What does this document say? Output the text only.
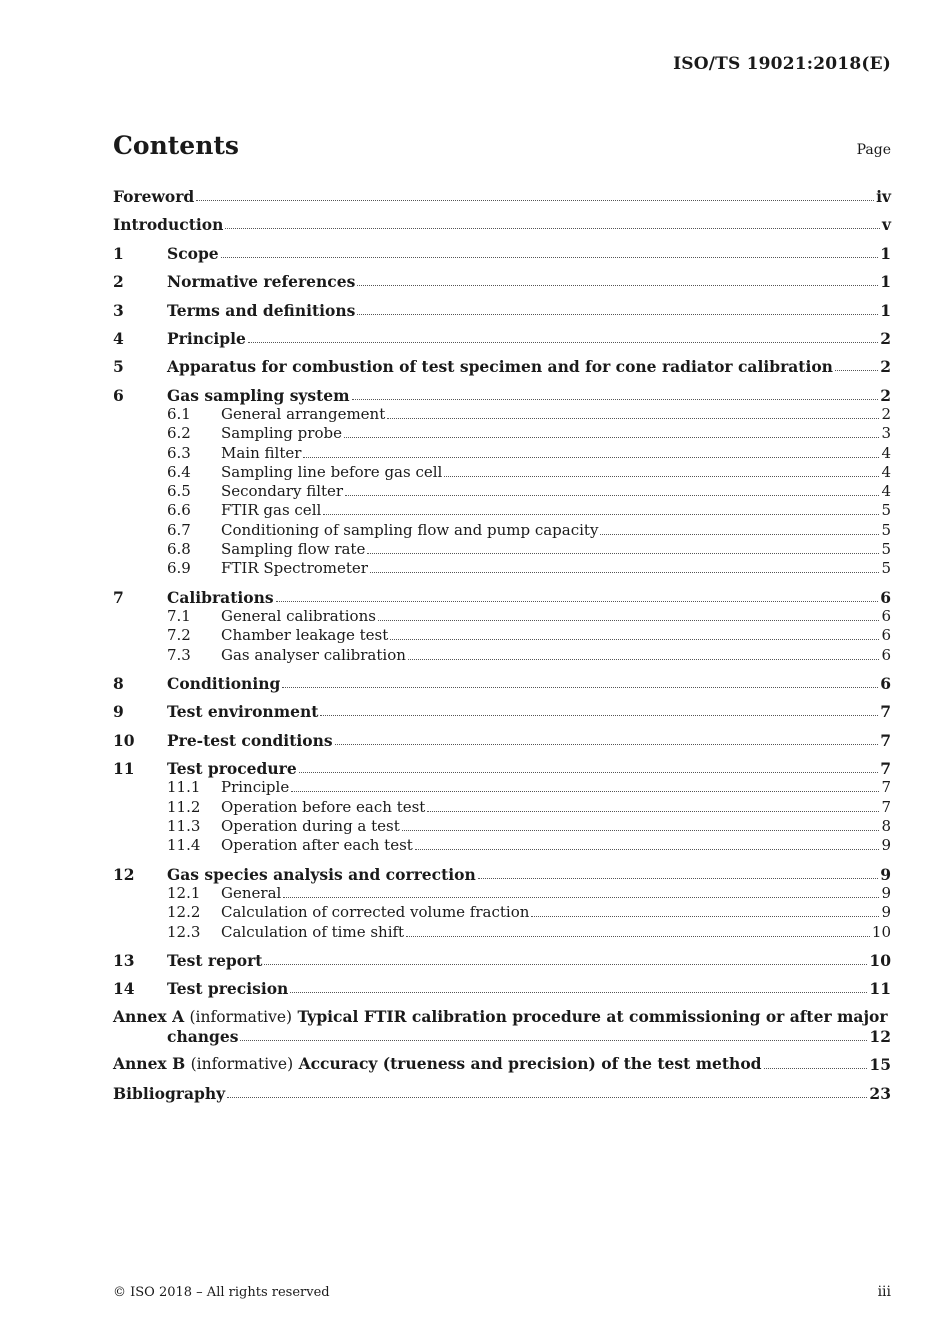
ISO/TS 19021:2018(E)
Contents	Page
Foreword	iv
Introduction	v
1	Scope	1
2	Normative references	1
3	Terms and definitions	1
4	Principle	2
5	Apparatus for combustion of test specimen and for cone radiator calibration	2
6	Gas sampling system	2
6.1	General arrangement	2
6.2	Sampling probe	3
6.3	Main filter	4
6.4	Sampling line before gas cell	4
6.5	Secondary filter	4
6.6	FTIR gas cell	5
6.7	Conditioning of sampling flow and pump capacity	5
6.8	Sampling flow rate	5
6.9	FTIR Spectrometer	5
7	Calibrations	6
7.1	General calibrations	6
7.2	Chamber leakage test	6
7.3	Gas analyser calibration	6
8	Conditioning	6
9	Test environment	7
10	Pre-test conditions	7
11	Test procedure	7
11.1	Principle	7
11.2	Operation before each test	7
11.3	Operation during a test	8
11.4	Operation after each test	9
12	Gas species analysis and correction	9
12.1	General	9
12.2	Calculation of corrected volume fraction	9
12.3	Calculation of time shift	10
13	Test report	10
14	Test precision	11
Annex A (informative) Typical FTIR calibration procedure at commissioning or after major
changes	12
Annex B (informative) Accuracy (trueness and precision) of the test method	15
Bibliography	23
© ISO 2018 – All rights reserved	iii
